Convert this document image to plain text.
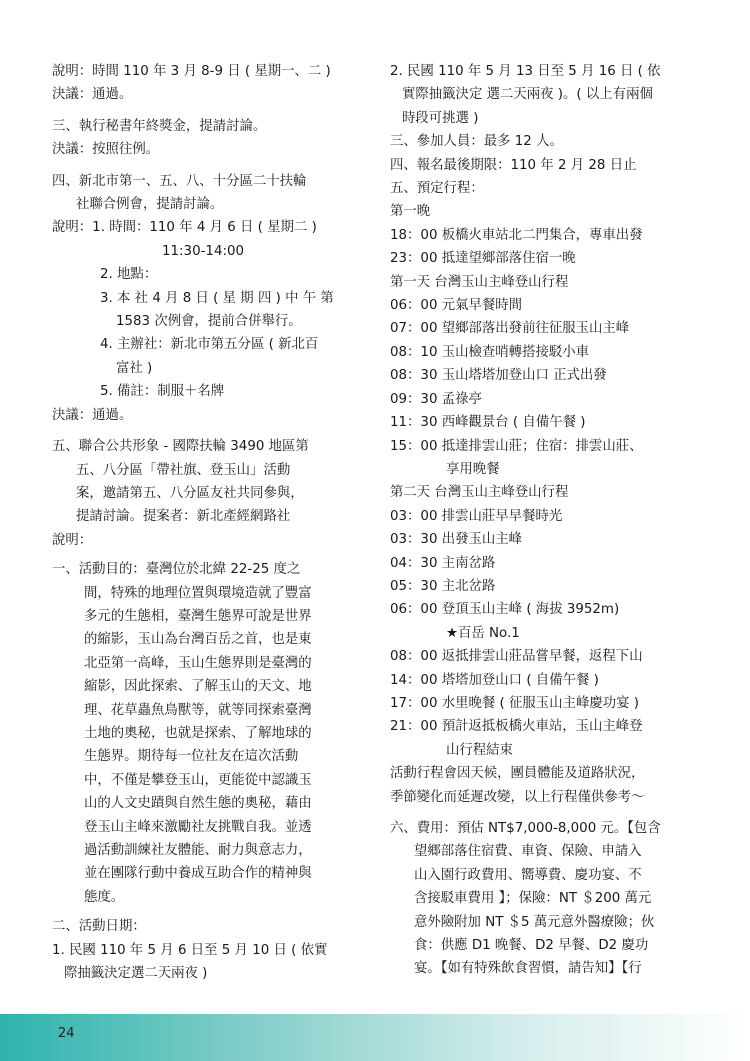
說明：時間 110 年 3 月 8-9 日 ( 星期一、二 )
決議：通過。
三、執行秘書年終獎金，提請討論。
決議：按照往例。
四、新北市第一、五、八、十分區二十扶輪
社聯合例會，提請討論。
說明：1. 時間：110 年 4 月 6 日 ( 星期二 )
11:30-14:00
2. 地點：
3. 本 社 4 月 8 日 ( 星 期 四 ) 中 午 第
1583 次例會，提前合併舉行。
4. 主辦社：新北市第五分區 ( 新北百
富社 )
5. 備註：制服＋名牌
決議：通過。
五、聯合公共形象 - 國際扶輪 3490 地區第
五、八分區「帶社旗、登玉山」活動
案，邀請第五、八分區友社共同參與，
提請討論。提案者：新北產經網路社
說明：
一、活動目的：臺灣位於北緯 22-25 度之
間，特殊的地理位置與環境造就了豐富
多元的生態相，臺灣生態界可說是世界
的縮影，玉山為台灣百岳之首，也是東
北亞第一高峰，玉山生態界則是臺灣的
縮影，因此探索、了解玉山的天文、地
理、花草蟲魚鳥獸等，就等同探索臺灣
土地的奧秘，也就是探索、了解地球的
生態界。期待每一位社友在這次活動
中，不僅是攀登玉山，更能從中認識玉
山的人文史蹟與自然生態的奧秘，藉由
登玉山主峰來激勵社友挑戰自我。並透
過活動訓練社友體能、耐力與意志力，
並在團隊行動中養成互助合作的精神與
態度。
二、活動日期：
1. 民國 110 年 5 月 6 日至 5 月 10 日 ( 依實
際抽籤決定選二天兩夜 )
2. 民國 110 年 5 月 13 日至 5 月 16 日 ( 依
實際抽籤決定 選二天兩夜 )。( 以上有兩個
時段可挑選 )
三、參加人員：最多 12 人。
四、報名最後期限：110 年 2 月 28 日止
五、預定行程：
第一晚
18：00 板橋火車站北二門集合，專車出發
23：00 抵達望鄉部落住宿一晚
第一天 台灣玉山主峰登山行程
06：00 元氣早餐時間
07：00 望鄉部落出發前往征服玉山主峰
08：10 玉山檢查哨轉搭接駁小車
08：30 玉山塔塔加登山口 正式出發
09：30 孟祿亭
11：30 西峰觀景台 ( 自備午餐 )
15：00 抵達排雲山莊；住宿：排雲山莊、
享用晚餐
第二天 台灣玉山主峰登山行程
03：00 排雲山莊早早餐時光
03：30 出發玉山主峰
04：30 主南岔路
05：30 主北岔路
06：00 登頂玉山主峰 ( 海拔 3952m)
★百岳 No.1
08：00 返抵排雲山莊品嘗早餐，返程下山
14：00 塔塔加登山口 ( 自備午餐 )
17：00 水里晚餐 ( 征服玉山主峰慶功宴 )
21：00 預計返抵板橋火車站，玉山主峰登
山行程結束
活動行程會因天候，團員體能及道路狀況，
季節變化而延遲改變，以上行程僅供參考～
六、費用：預估 NT$7,000-8,000 元。【包含
望鄉部落住宿費、車資、保險、申請入
山入園行政費用、嚮導費、慶功宴、不
含接駁車費用 】；保險：NT ＄200 萬元
意外險附加 NT ＄5 萬元意外醫療險；伙
食：供應 D1 晚餐、D2 早餐、D2 慶功
宴。【如有特殊飲食習慣，請告知】【行
24
